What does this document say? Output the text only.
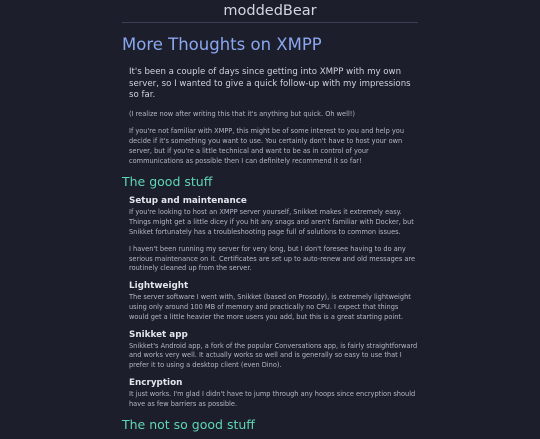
moddedBear
More Thoughts on XMPP

It's been a couple of days since getting into XMPP with my own server, so I wanted to give a quick follow-up with my impressions so far.

(I realize now after writing this that it's anything but quick. Oh well!)

If you're not familiar with XMPP, this might be of some interest to you and help you decide if it's something you want to use. You certainly don't have to host your own server, but if you're a little technical and want to be as in control of your communications as possible then I can definitely recommend it so far!

The good stuff
Setup and maintenance

If you're looking to host an XMPP server yourself, Snikket makes it extremely easy. Things might get a little dicey if you hit any snags and aren't familiar with Docker, but Snikket fortunately has a troubleshooting page full of solutions to common issues.

I haven't been running my server for very long, but I don't foresee having to do any serious maintenance on it. Certificates are set up to auto-renew and old messages are routinely cleaned up from the server.

Lightweight

The server software I went with, Snikket (based on Prosody), is extremely lightweight using only around 100 MB of memory and practically no CPU. I expect that things would get a little heavier the more users you add, but this is a great starting point.

Snikket app

Snikket's Android app, a fork of the popular Conversations app, is fairly straightforward and works very well. It actually works so well and is generally so easy to use that I prefer it to using a desktop client (even Dino).

Encryption

It just works. I'm glad I didn't have to jump through any hoops since encryption should have as few barriers as possible.

The not so good stuff
